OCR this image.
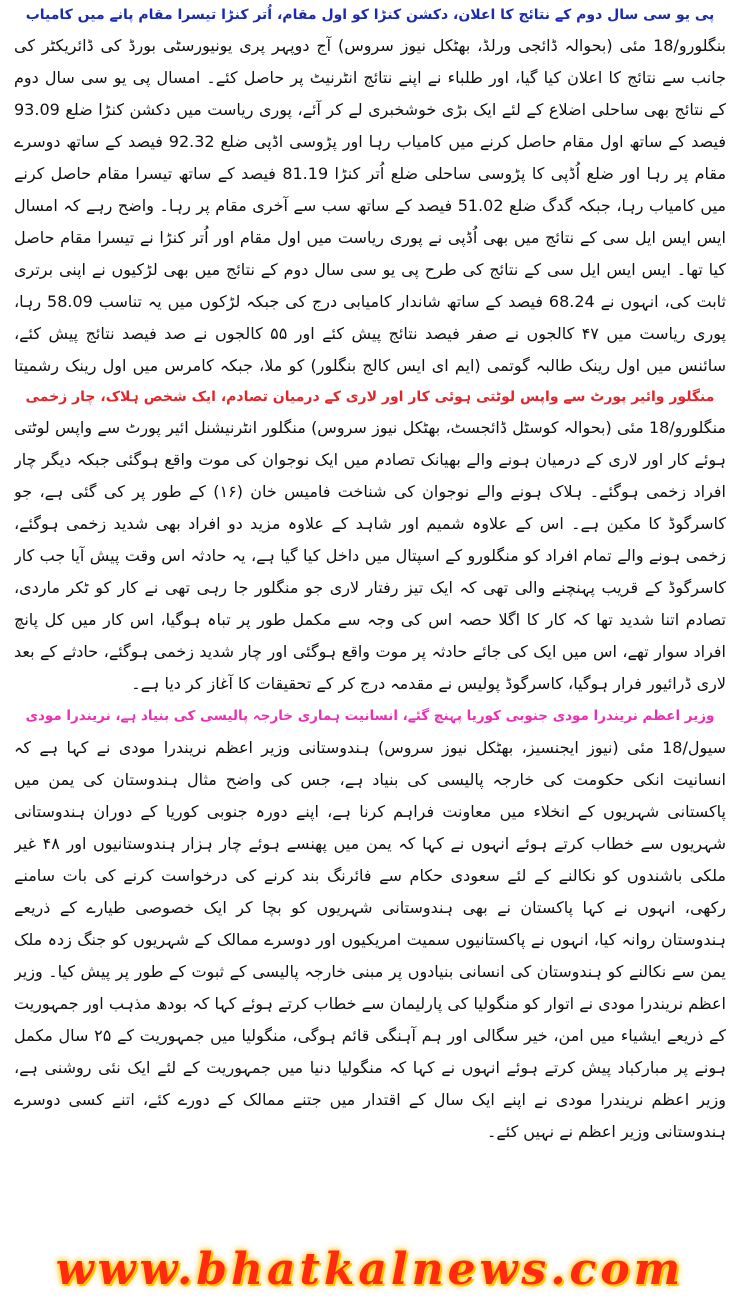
پی یو سی سال دوم کے نتائج کا اعلان، دکشن کنڑا کو اول مقام، اُتر کنڑا تیسرا مقام پانے میں کامیاب

بنگلورو/18 مئی (بحوالہ ڈائجی ورلڈ، بھٹکل نیوز سروس) آج دوپہر پری یونیورسٹی بورڈ کی ڈائریکٹر کی جانب سے نتائج کا اعلان کیا گیا، اور طلباء نے اپنے نتائج انٹرنیٹ پر حاصل کئے۔ امسال پی یو سی سال دوم کے نتائج بھی ساحلی اضلاع کے لئے ایک بڑی خوشخبری لے کر آئے، پوری ریاست میں دکشن کنڑا ضلع 93.09 فیصد کے ساتھ اول مقام حاصل کرنے میں کامیاب رہا اور پڑوسی اڈپی ضلع 92.32 فیصد کے ساتھ دوسرے مقام پر رہا اور ضلع اُڈپی کا پڑوسی ساحلی ضلع اُتر کنڑا 81.19 فیصد کے ساتھ تیسرا مقام حاصل کرنے میں کامیاب رہا، جبکہ گدگ ضلع 51.02 فیصد کے ساتھ سب سے آخری مقام پر رہا۔ واضح رہے کہ امسال ایس ایس ایل سی کے نتائج میں بھی اُڈپی نے پوری ریاست میں اول مقام اور اُتر کنڑا نے تیسرا مقام حاصل کیا تھا۔ ایس ایس ایل سی کے نتائج کی طرح پی یو سی سال دوم کے نتائج میں بھی لڑکیوں نے اپنی برتری ثابت کی، انہوں نے 68.24 فیصد کے ساتھ شاندار کامیابی درج کی جبکہ لڑکوں میں یہ تناسب 58.09 رہا، پوری ریاست میں ۴۷ کالجوں نے صفر فیصد نتائج پیش کئے اور ۵۵ کالجوں نے صد فیصد نتائج پیش کئے، سائنس میں اول رینک طالبہ گوتمی (ایم ای ایس کالج بنگلور) کو ملا، جبکہ کامرس میں اول رینک رشمیتا

منگلور وائیر پورٹ سے واپس لوٹتی ہوئی کار اور لاری کے درمیان تصادم، ایک شخص ہلاک، چار زخمی

منگلورو/18 مئی (بحوالہ کوسٹل ڈائجسٹ، بھٹکل نیوز سروس) منگلور انٹرنیشنل ائیر پورٹ سے واپس لوٹتی ہوئے کار اور لاری کے درمیان ہونے والے بھیانک تصادم میں ایک نوجوان کی موت واقع ہوگئی جبکہ دیگر چار افراد زخمی ہوگئے۔ ہلاک ہونے والے نوجوان کی شناخت فامیس خان (۱۶) کے طور پر کی گئی ہے، جو کاسرگوڈ کا مکین ہے۔ اس کے علاوہ شمیم اور شاہد کے علاوہ مزید دو افراد بھی شدید زخمی ہوگئے، زخمی ہونے والے تمام افراد کو منگلورو کے اسپتال میں داخل کیا گیا ہے، یہ حادثہ اس وقت پیش آیا جب کار کاسرگوڈ کے قریب پہنچنے والی تھی کہ ایک تیز رفتار لاری جو منگلور جا رہی تھی نے کار کو ٹکر ماردی، تصادم اتنا شدید تھا کہ کار کا اگلا حصہ اس کی وجہ سے مکمل طور پر تباہ ہوگیا، اس کار میں کل پانچ افراد سوار تھے، اس میں ایک کی جائے حادثہ پر موت واقع ہوگئی اور چار شدید زخمی ہوگئے، حادثے کے بعد لاری ڈرائیور فرار ہوگیا، کاسرگوڈ پولیس نے مقدمہ درج کر کے تحقیقات کا آغاز کر دیا ہے۔

وزیر اعظم نریندرا مودی جنوبی کوریا پہنچ گئے، انسانیت ہماری خارجہ پالیسی کی بنیاد ہے، نریندرا مودی

سیول/18 مئی (نیوز ایجنسیز، بھٹکل نیوز سروس) ہندوستانی وزیر اعظم نریندرا مودی نے کہا ہے کہ انسانیت انکی حکومت کی خارجہ پالیسی کی بنیاد ہے، جس کی واضح مثال ہندوستان کی یمن میں پاکستانی شہریوں کے انخلاء میں معاونت فراہم کرنا ہے، اپنے دورہ جنوبی کوریا کے دوران ہندوستانی شہریوں سے خطاب کرتے ہوئے انہوں نے کہا کہ یمن میں پھنسے ہوئے چار ہزار ہندوستانیوں اور ۴۸ غیر ملکی باشندوں کو نکالنے کے لئے سعودی حکام سے فائرنگ بند کرنے کی درخواست کرنے کی بات سامنے رکھی، انہوں نے کہا پاکستان نے بھی ہندوستانی شہریوں کو بچا کر ایک خصوصی طیارے کے ذریعے ہندوستان روانہ کیا، انہوں نے پاکستانیوں سمیت امریکیوں اور دوسرے ممالک کے شہریوں کو جنگ زدہ ملک یمن سے نکالنے کو ہندوستان کی انسانی بنیادوں پر مبنی خارجہ پالیسی کے ثبوت کے طور پر پیش کیا۔ وزیر اعظم نریندرا مودی نے اتوار کو منگولیا کی پارلیمان سے خطاب کرتے ہوئے کہا کہ بودھ مذہب اور جمہوریت کے ذریعے ایشیاء میں امن، خیر سگالی اور ہم آہنگی قائم ہوگی، منگولیا میں جمہوریت کے ۲۵ سال مکمل ہونے پر مبارکباد پیش کرتے ہوئے انہوں نے کہا کہ منگولیا دنیا میں جمہوریت کے لئے ایک نئی روشنی ہے، وزیر اعظم نریندرا مودی نے اپنے ایک سال کے اقتدار میں جتنے ممالک کے دورے کئے، اتنے کسی دوسرے ہندوستانی وزیر اعظم نے نہیں کئے۔

www.bhatkalnews.com
